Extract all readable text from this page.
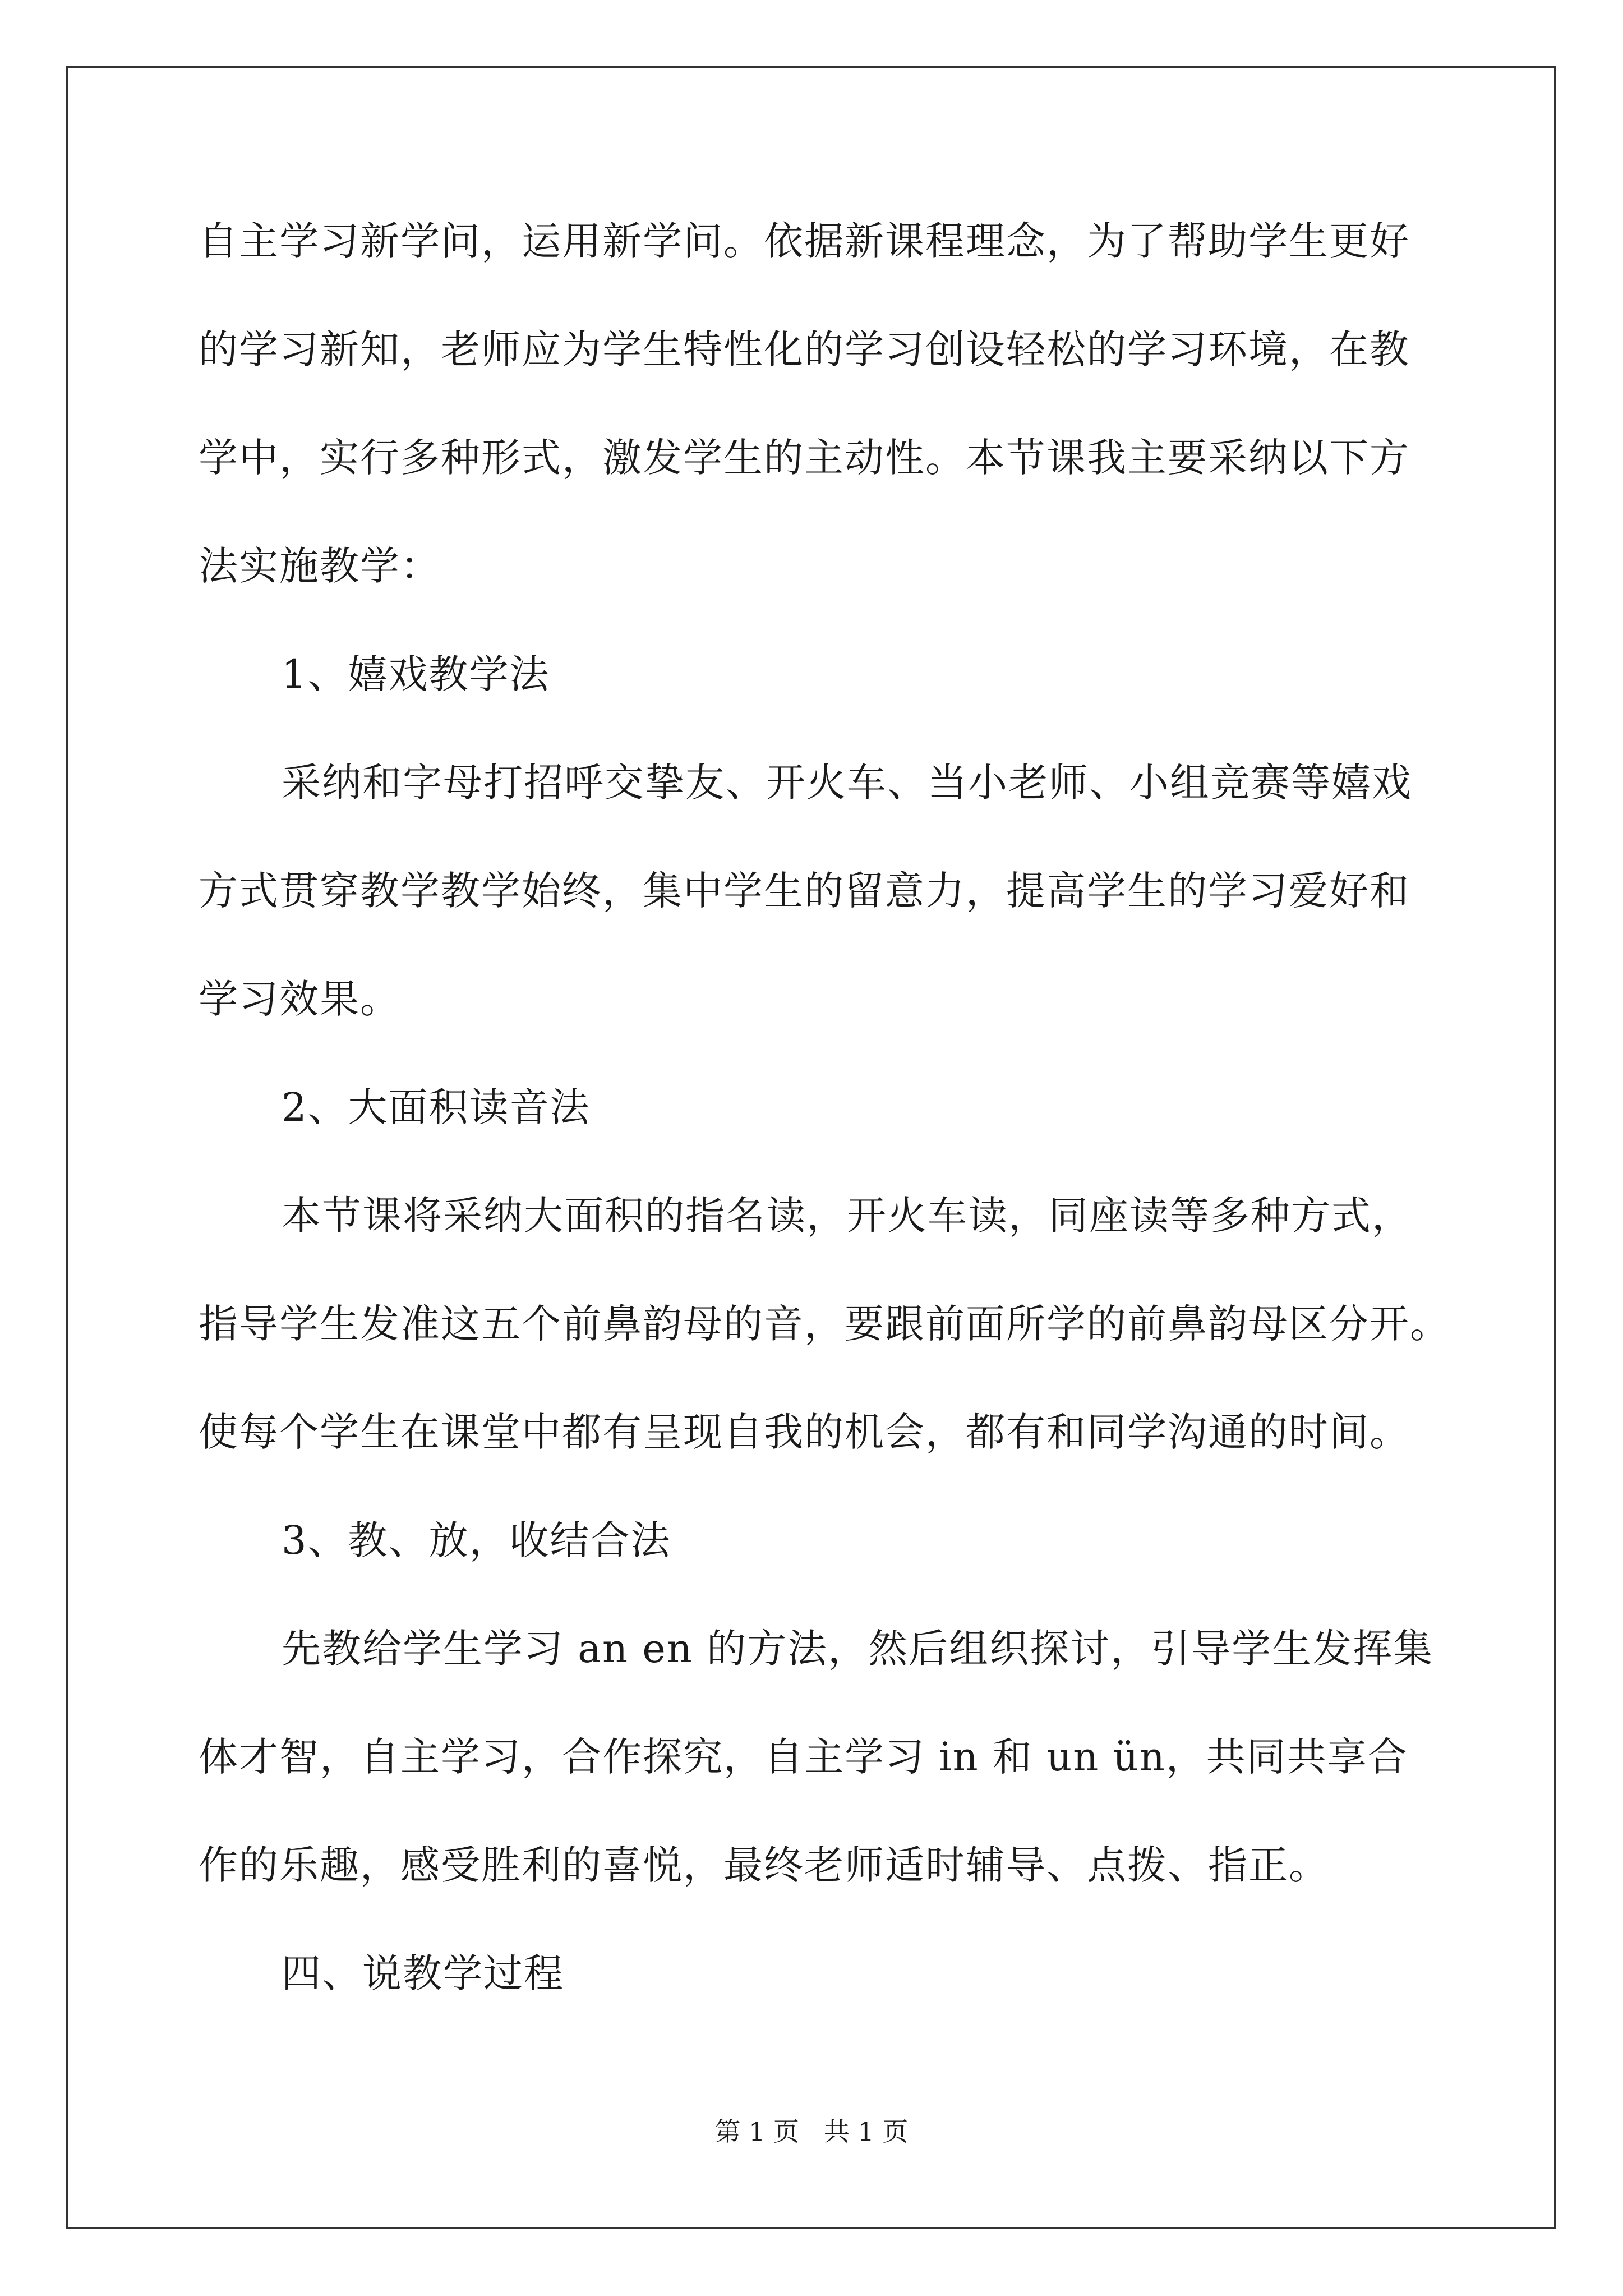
自主学习新学问，运用新学问。依据新课程理念，为了帮助学生更好
的学习新知，老师应为学生特性化的学习创设轻松的学习环境，在教
学中，实行多种形式，激发学生的主动性。本节课我主要采纳以下方
法实施教学：
1、嬉戏教学法
采纳和字母打招呼交挚友、开火车、当小老师、小组竞赛等嬉戏
方式贯穿教学教学始终，集中学生的留意力，提高学生的学习爱好和
学习效果。
2、大面积读音法
本节课将采纳大面积的指名读，开火车读，同座读等多种方式，
指导学生发准这五个前鼻韵母的音，要跟前面所学的前鼻韵母区分开。
使每个学生在课堂中都有呈现自我的机会，都有和同学沟通的时间。
3、教、放，收结合法
先教给学生学习 an en 的方法，然后组织探讨，引导学生发挥集
体才智，自主学习，合作探究，自主学习 in 和 un ün，共同共享合
作的乐趣，感受胜利的喜悦，最终老师适时辅导、点拨、指正。
四、说教学过程
第 1 页   共 1 页
